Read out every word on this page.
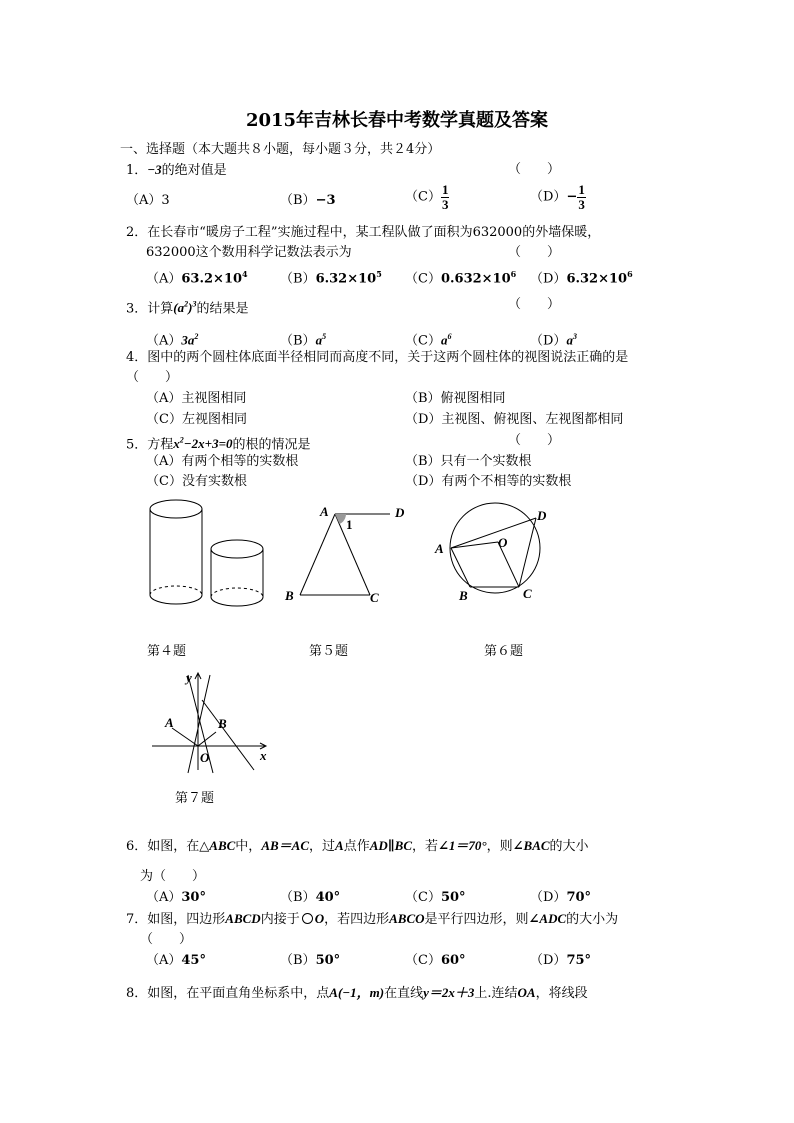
2015年吉林长春中考数学真题及答案
一、选择题（本大题共８小题，每小题３分，共２4分）
1．−3的绝对值是	（　　）
（A）3	（B）−3	$(C) \frac{1}{3}$	$(D)- \frac{1}{3}$
2．在长春市“暖房子工程”实施过程中，某工程队做了面积为632000的外墙保暖，
632000这个数用科学记数法表示为	（　　）
$(A)63.2\times 10^4$ $(B)6.32\times 10^5$ $(C)0.632\times 10^6$ $(D)6.32\times 10^6$
3．计算$(a^2)^3$的结果是	（　　）
$(A)3a^2$	$(B)a^5$	$(C)a^6$	$(D)a^3$
4．图中的两个圆柱体底面半径相同而高度不同，关于这两个圆柱体的视图说法正确的是
（　　）
（A）主视图相同	（B）俯视图相同
（C）左视图相同	（D）主视图、俯视图、左视图都相同
5．方程$x^2-2x+3=0$的根的情况是	（　　）
（A）有两个相等的实数根	（B）只有一个实数根
（C）没有实数根	（D）有两个不相等的实数根
A	D
1
B	C
A
D
O
B	C
第４题	第５题	第６题
y
x
A	B
O
第７题
6．如图，在△ABC中，AB＝AC，过A点作AD∥BC，若∠1＝70°，则∠BAC的大小
为（　　）
（A）30°	（B）40°	（C）50°	（D）70°
7．如图，四边形ABCD内接于 O，若四边形ABCO是平行四边形，则∠ADC的大小为
（　　）
（A）45°	（B）50°	（C）60°	（D）75°
8．如图，在平面直角坐标系中，点A(−1，m)在直线y＝2x＋3上.连结OA，将线段
